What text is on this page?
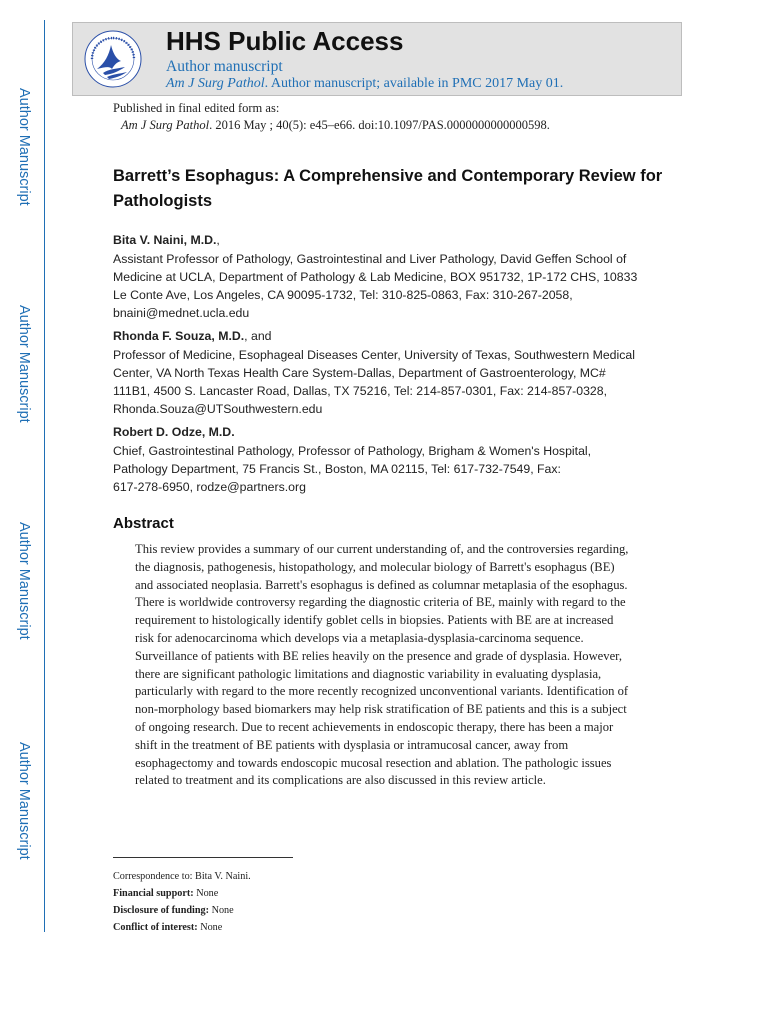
Author Manuscript
Author Manuscript
Author Manuscript
Author Manuscript
HHS Public Access
Author manuscript
Am J Surg Pathol. Author manuscript; available in PMC 2017 May 01.
Published in final edited form as:
Am J Surg Pathol. 2016 May ; 40(5): e45–e66. doi:10.1097/PAS.0000000000000598.
Barrett’s Esophagus: A Comprehensive and Contemporary Review for Pathologists
Bita V. Naini, M.D.,
Assistant Professor of Pathology, Gastrointestinal and Liver Pathology, David Geffen School of
Medicine at UCLA, Department of Pathology & Lab Medicine, BOX 951732, 1P-172 CHS, 10833
Le Conte Ave, Los Angeles, CA 90095-1732, Tel: 310-825-0863, Fax: 310-267-2058,
bnaini@mednet.ucla.edu
Rhonda F. Souza, M.D., and
Professor of Medicine, Esophageal Diseases Center, University of Texas, Southwestern Medical
Center, VA North Texas Health Care System-Dallas, Department of Gastroenterology, MC#
111B1, 4500 S. Lancaster Road, Dallas, TX 75216, Tel: 214-857-0301, Fax: 214-857-0328,
Rhonda.Souza@UTSouthwestern.edu
Robert D. Odze, M.D.
Chief, Gastrointestinal Pathology, Professor of Pathology, Brigham & Women's Hospital,
Pathology Department, 75 Francis St., Boston, MA 02115, Tel: 617-732-7549, Fax:
617-278-6950, rodze@partners.org
Abstract
This review provides a summary of our current understanding of, and the controversies regarding,
the diagnosis, pathogenesis, histopathology, and molecular biology of Barrett's esophagus (BE)
and associated neoplasia. Barrett's esophagus is defined as columnar metaplasia of the esophagus.
There is worldwide controversy regarding the diagnostic criteria of BE, mainly with regard to the
requirement to histologically identify goblet cells in biopsies. Patients with BE are at increased
risk for adenocarcinoma which develops via a metaplasia-dysplasia-carcinoma sequence.
Surveillance of patients with BE relies heavily on the presence and grade of dysplasia. However,
there are significant pathologic limitations and diagnostic variability in evaluating dysplasia,
particularly with regard to the more recently recognized unconventional variants. Identification of
non-morphology based biomarkers may help risk stratification of BE patients and this is a subject
of ongoing research. Due to recent achievements in endoscopic therapy, there has been a major
shift in the treatment of BE patients with dysplasia or intramucosal cancer, away from
esophagectomy and towards endoscopic mucosal resection and ablation. The pathologic issues
related to treatment and its complications are also discussed in this review article.
Correspondence to: Bita V. Naini.
Financial support: None
Disclosure of funding: None
Conflict of interest: None
